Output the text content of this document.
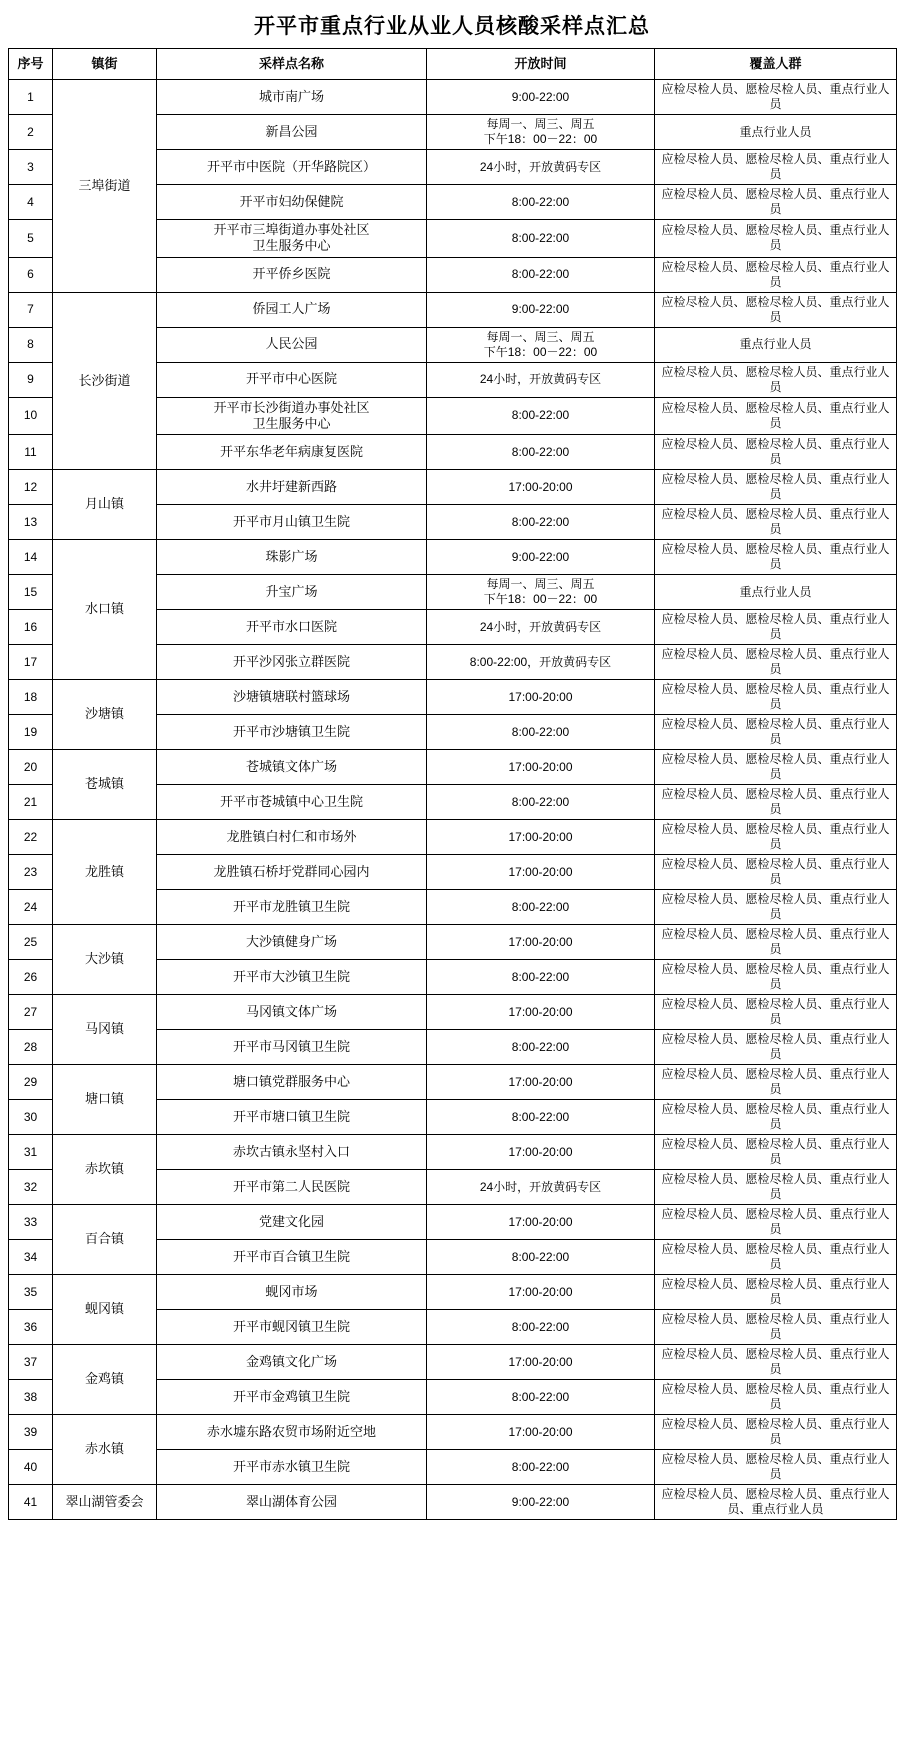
开平市重点行业从业人员核酸采样点汇总
序号	镇街	采样点名称	开放时间	覆盖人群
1	三埠街道	城市南广场	9:00-22:00	应检尽检人员、愿检尽检人员、重点行业人员
2		新昌公园	每周一、周三、周五
下午18：00－22：00	重点行业人员
3		开平市中医院（开华路院区）	24小时，开放黄码专区	应检尽检人员、愿检尽检人员、重点行业人员
4		开平市妇幼保健院	8:00-22:00	应检尽检人员、愿检尽检人员、重点行业人员
5		开平市三埠街道办事处社区
卫生服务中心	8:00-22:00	应检尽检人员、愿检尽检人员、重点行业人员
6		开平侨乡医院	8:00-22:00	应检尽检人员、愿检尽检人员、重点行业人员
7	长沙街道	侨园工人广场	9:00-22:00	应检尽检人员、愿检尽检人员、重点行业人员
8		人民公园	每周一、周三、周五
下午18：00－22：00	重点行业人员
9		开平市中心医院	24小时，开放黄码专区	应检尽检人员、愿检尽检人员、重点行业人员
10		开平市长沙街道办事处社区
卫生服务中心	8:00-22:00	应检尽检人员、愿检尽检人员、重点行业人员
11		开平东华老年病康复医院	8:00-22:00	应检尽检人员、愿检尽检人员、重点行业人员
12	月山镇	水井圩建新西路	17:00-20:00	应检尽检人员、愿检尽检人员、重点行业人员
13		开平市月山镇卫生院	8:00-22:00	应检尽检人员、愿检尽检人员、重点行业人员
14	水口镇	珠影广场	9:00-22:00	应检尽检人员、愿检尽检人员、重点行业人员
15		升宝广场	每周一、周三、周五
下午18：00－22：00	重点行业人员
16		开平市水口医院	24小时，开放黄码专区	应检尽检人员、愿检尽检人员、重点行业人员
17		开平沙冈张立群医院	8:00-22:00，开放黄码专区	应检尽检人员、愿检尽检人员、重点行业人员
18	沙塘镇	沙塘镇塘联村篮球场	17:00-20:00	应检尽检人员、愿检尽检人员、重点行业人员
19		开平市沙塘镇卫生院	8:00-22:00	应检尽检人员、愿检尽检人员、重点行业人员
20	苍城镇	苍城镇文体广场	17:00-20:00	应检尽检人员、愿检尽检人员、重点行业人员
21		开平市苍城镇中心卫生院	8:00-22:00	应检尽检人员、愿检尽检人员、重点行业人员
22	龙胜镇	龙胜镇白村仁和市场外	17:00-20:00	应检尽检人员、愿检尽检人员、重点行业人员
23		龙胜镇石桥圩党群同心园内	17:00-20:00	应检尽检人员、愿检尽检人员、重点行业人员
24		开平市龙胜镇卫生院	8:00-22:00	应检尽检人员、愿检尽检人员、重点行业人员
25	大沙镇	大沙镇健身广场	17:00-20:00	应检尽检人员、愿检尽检人员、重点行业人员
26		开平市大沙镇卫生院	8:00-22:00	应检尽检人员、愿检尽检人员、重点行业人员
27	马冈镇	马冈镇文体广场	17:00-20:00	应检尽检人员、愿检尽检人员、重点行业人员
28		开平市马冈镇卫生院	8:00-22:00	应检尽检人员、愿检尽检人员、重点行业人员
29	塘口镇	塘口镇党群服务中心	17:00-20:00	应检尽检人员、愿检尽检人员、重点行业人员
30		开平市塘口镇卫生院	8:00-22:00	应检尽检人员、愿检尽检人员、重点行业人员
31	赤坎镇	赤坎古镇永坚村入口	17:00-20:00	应检尽检人员、愿检尽检人员、重点行业人员
32		开平市第二人民医院	24小时，开放黄码专区	应检尽检人员、愿检尽检人员、重点行业人员
33	百合镇	党建文化园	17:00-20:00	应检尽检人员、愿检尽检人员、重点行业人员
34		开平市百合镇卫生院	8:00-22:00	应检尽检人员、愿检尽检人员、重点行业人员
35	蚬冈镇	蚬冈市场	17:00-20:00	应检尽检人员、愿检尽检人员、重点行业人员
36		开平市蚬冈镇卫生院	8:00-22:00	应检尽检人员、愿检尽检人员、重点行业人员
37	金鸡镇	金鸡镇文化广场	17:00-20:00	应检尽检人员、愿检尽检人员、重点行业人员
38		开平市金鸡镇卫生院	8:00-22:00	应检尽检人员、愿检尽检人员、重点行业人员
39	赤水镇	赤水墟东路农贸市场附近空地	17:00-20:00	应检尽检人员、愿检尽检人员、重点行业人员
40		开平市赤水镇卫生院	8:00-22:00	应检尽检人员、愿检尽检人员、重点行业人员
41	翠山湖管委会	翠山湖体育公园	9:00-22:00	应检尽检人员、愿检尽检人员、重点行业人员、重点行业人员
